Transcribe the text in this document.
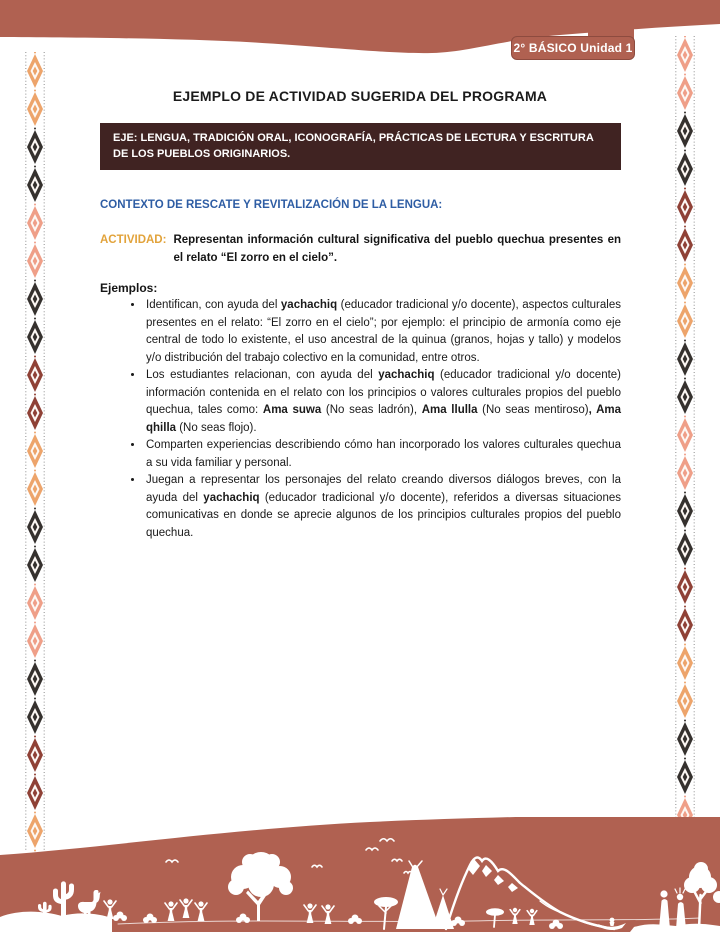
2° BÁSICO Unidad 1
EJEMPLO DE ACTIVIDAD SUGERIDA DEL PROGRAMA
EJE: LENGUA, TRADICIÓN ORAL, ICONOGRAFÍA, PRÁCTICAS DE LECTURA Y ESCRITURA DE LOS PUEBLOS ORIGINARIOS.
CONTEXTO DE RESCATE Y REVITALIZACIÓN DE LA LENGUA:
ACTIVIDAD: Representan información cultural significativa del pueblo quechua presentes en el relato “El zorro en el cielo”.
Ejemplos:
• Identifican, con ayuda del yachachiq (educador tradicional y/o docente), aspectos culturales presentes en el relato: “El zorro en el cielo”; por ejemplo: el principio de armonía como eje central de todo lo existente, el uso ancestral de la quinua (granos, hojas y tallo) y modelos y/o distribución del trabajo colectivo en la comunidad, entre otros.
• Los estudiantes relacionan, con ayuda del yachachiq (educador tradicional y/o docente) información contenida en el relato con los principios o valores culturales propios del pueblo quechua, tales como: Ama suwa (No seas ladrón), Ama llulla (No seas mentiroso), Ama qhilla (No seas flojo).
• Comparten experiencias describiendo cómo han incorporado los valores culturales quechua a su vida familiar y personal.
• Juegan a representar los personajes del relato creando diversos diálogos breves, con la ayuda del yachachiq (educador tradicional y/o docente), referidos a diversas situaciones comunicativas en donde se aprecie algunos de los principios culturales propios del pueblo quechua.
